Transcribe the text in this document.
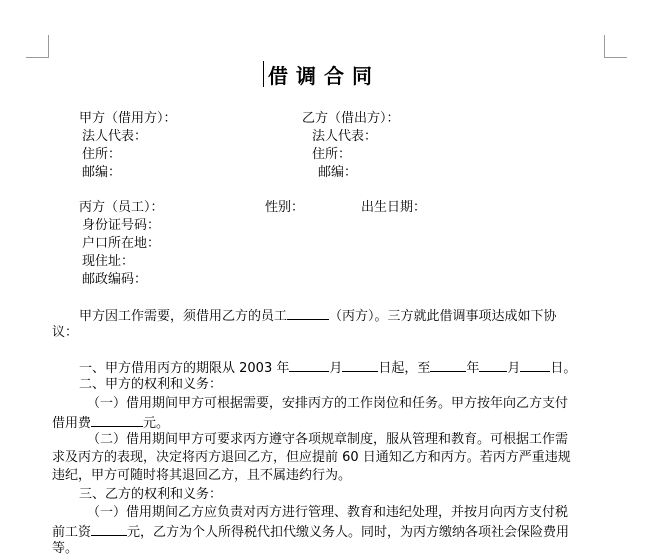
借调合同
甲方（借用方）：
法人代表：
住所：
邮编：
乙方（借出方）：
法人代表：
住所：
邮编：
丙方（员工）：	性别：	出生日期：
身份证号码：
户口所在地：
现住址：
邮政编码：
甲方因工作需要，须借用乙方的员工	（丙方）。三方就此借调事项达成如下协
议：
一、甲方借用丙方的期限从 2003 年	月	日起，至	年 月 日。
二、甲方的权利和义务：
（一）借用期间甲方可根据需要，安排丙方的工作岗位和任务。甲方按年向乙方支付
借用费	元。
（二）借用期间甲方可要求丙方遵守各项规章制度，服从管理和教育。可根据工作需
求及丙方的表现，决定将丙方退回乙方，但应提前 60 日通知乙方和丙方。若丙方严重违规
违纪，甲方可随时将其退回乙方，且不属违约行为。
三、乙方的权利和义务：
（一）借用期间乙方应负责对丙方进行管理、教育和违纪处理，并按月向丙方支付税
前工资	元，乙方为个人所得税代扣代缴义务人。同时，为丙方缴纳各项社会保险费用
等。
